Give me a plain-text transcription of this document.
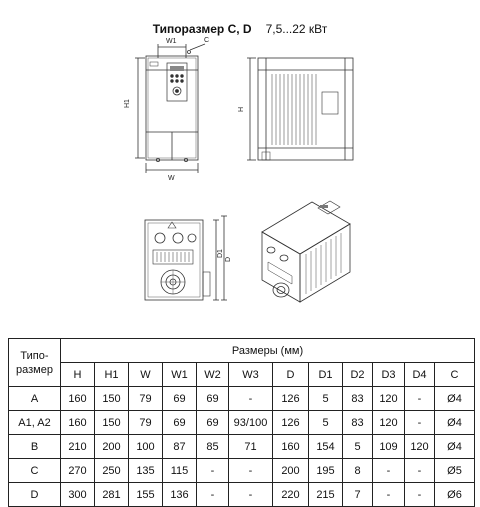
Типоразмер C, D 7,5...22 кВт
W1	C
H1
W
H
D1
D
Типо-
размер	Размеры (мм)											
	H	H1	W	W1	W2	W3	D	D1	D2	D3	D4	C
A	160	150	79	69	69	-	126	5	83	120	-	Ø4
A1, A2	160	150	79	69	69	93/100	126	5	83	120	-	Ø4
B	210	200	100	87	85	71	160	154	5	109	120	Ø4
C	270	250	135	115	-	-	200	195	8	-	-	Ø5
D	300	281	155	136	-	-	220	215	7	-	-	Ø6
